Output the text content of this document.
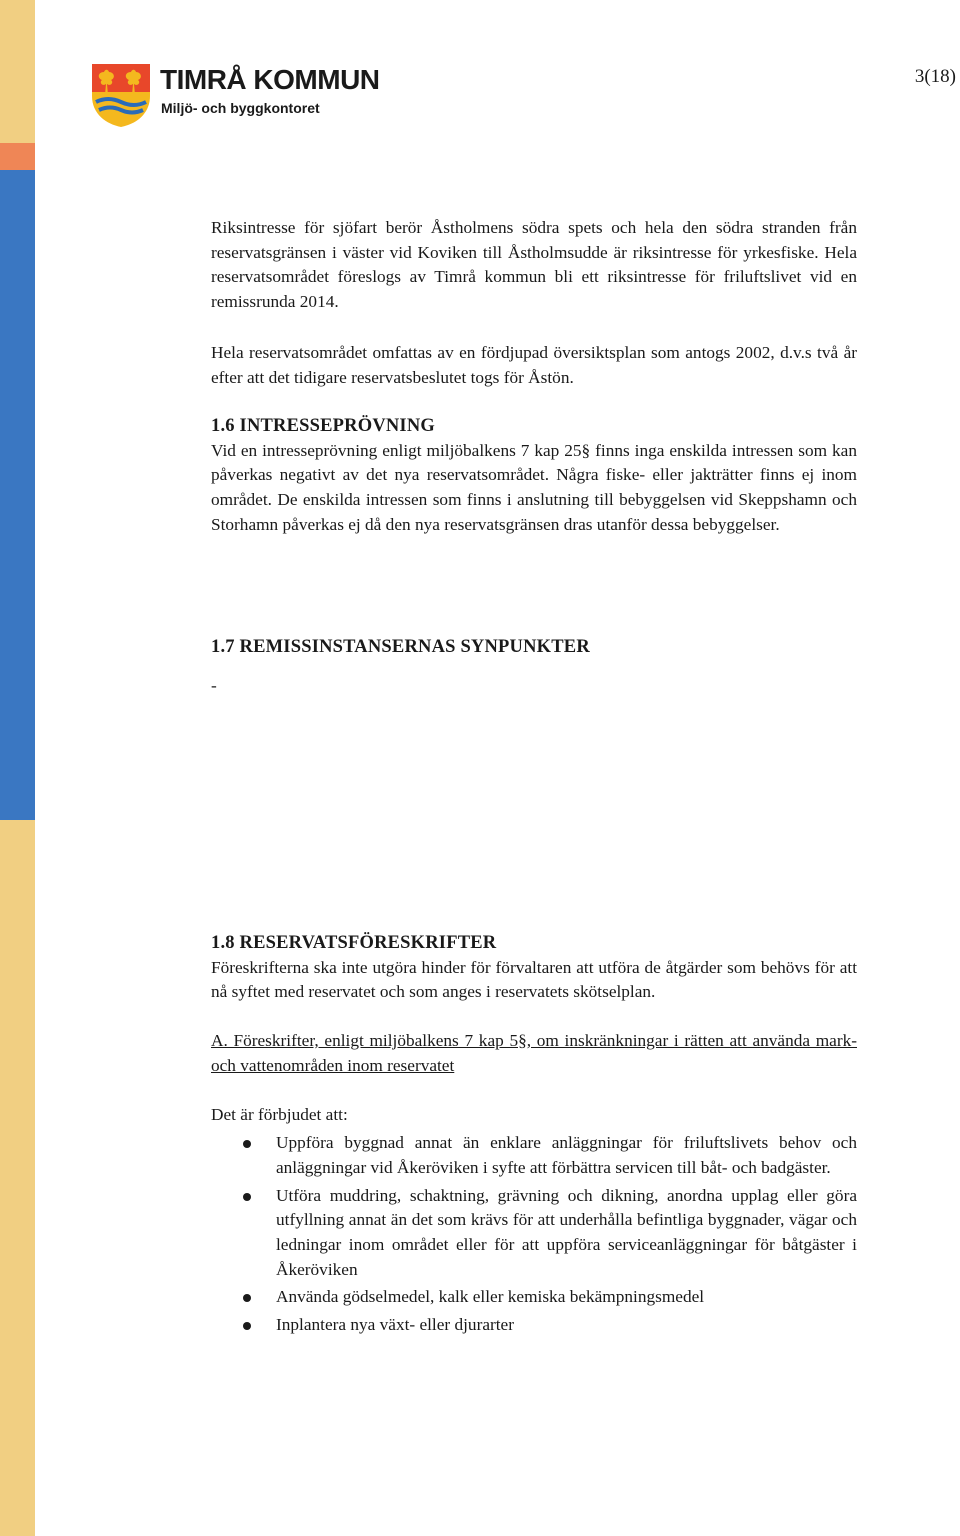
TIMRÅ KOMMUN
Miljö- och byggkontoret
3(18)

Riksintresse för sjöfart berör Åstholmens södra spets och hela den södra stranden från reservatsgränsen i väster vid Koviken till Åstholmsudde är riksintresse för yrkesfiske. Hela reservatsområdet föreslogs av Timrå kommun bli ett riksintresse för friluftslivet vid en remissrunda 2014.

Hela reservatsområdet omfattas av en fördjupad översiktsplan som antogs 2002, d.v.s två år efter att det tidigare reservatsbeslutet togs för Åstön.

1.6 INTRESSEPRÖVNING

Vid en intresseprövning enligt miljöbalkens 7 kap 25§ finns inga enskilda intressen som kan påverkas negativt av det nya reservatsområdet. Några fiske- eller jakträtter finns ej inom området. De enskilda intressen som finns i anslutning till bebyggelsen vid Skeppshamn och Storhamn påverkas ej då den nya reservatsgränsen dras utanför dessa bebyggelser.

1.7 REMISSINSTANSERNAS SYNPUNKTER

-

1.8 RESERVATSFÖRESKRIFTER

Föreskrifterna ska inte utgöra hinder för förvaltaren att utföra de åtgärder som behövs för att nå syftet med reservatet och som anges i reservatets skötselplan.

A. Föreskrifter, enligt miljöbalkens 7 kap 5§, om inskränkningar i rätten att använda mark- och vattenområden inom reservatet

Det är förbjudet att:

Uppföra byggnad annat än enklare anläggningar för friluftslivets behov och anläggningar vid Åkeröviken i syfte att förbättra servicen till båt- och badgäster.
Utföra muddring, schaktning, grävning och dikning, anordna upplag eller göra utfyllning annat än det som krävs för att underhålla befintliga byggnader, vägar och ledningar inom området eller för att uppföra serviceanläggningar för båtgäster i Åkeröviken
Använda gödselmedel, kalk eller kemiska bekämpningsmedel
Inplantera nya växt- eller djurarter
